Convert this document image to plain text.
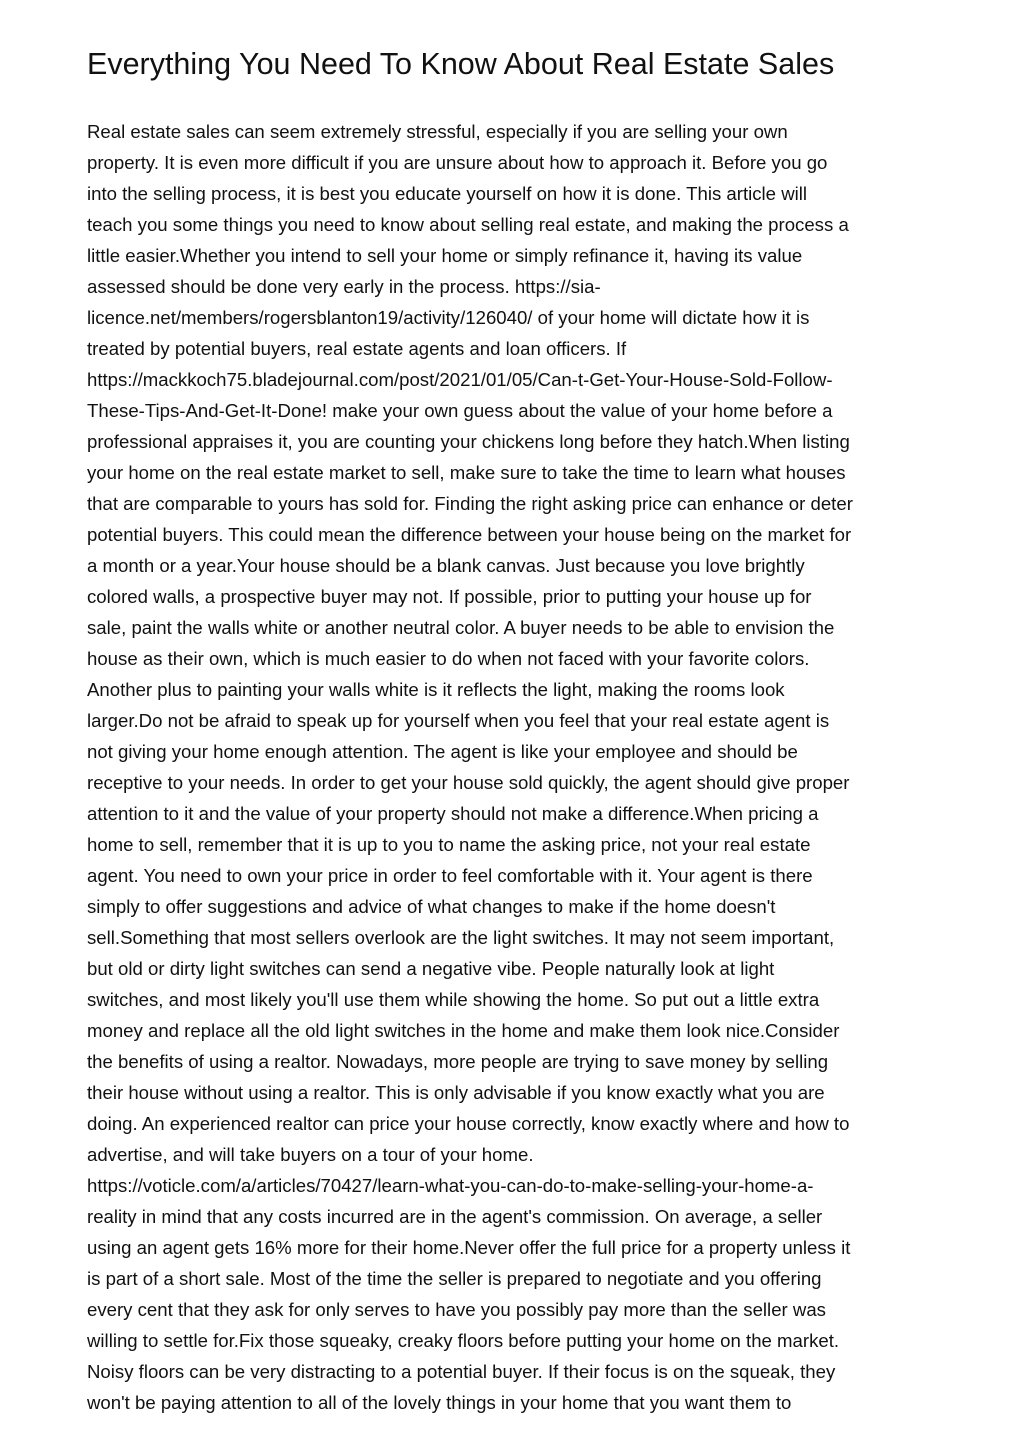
Everything You Need To Know About Real Estate Sales
Real estate sales can seem extremely stressful, especially if you are selling your own
property. It is even more difficult if you are unsure about how to approach it. Before you go
into the selling process, it is best you educate yourself on how it is done. This article will
teach you some things you need to know about selling real estate, and making the process a
little easier.Whether you intend to sell your home or simply refinance it, having its value
assessed should be done very early in the process. https://sia-
licence.net/members/rogersblanton19/activity/126040/ of your home will dictate how it is
treated by potential buyers, real estate agents and loan officers. If
https://mackkoch75.bladejournal.com/post/2021/01/05/Can-t-Get-Your-House-Sold-Follow-
These-Tips-And-Get-It-Done! make your own guess about the value of your home before a
professional appraises it, you are counting your chickens long before they hatch.When listing
your home on the real estate market to sell, make sure to take the time to learn what houses
that are comparable to yours has sold for. Finding the right asking price can enhance or deter
potential buyers. This could mean the difference between your house being on the market for
a month or a year.Your house should be a blank canvas. Just because you love brightly
colored walls, a prospective buyer may not. If possible, prior to putting your house up for
sale, paint the walls white or another neutral color. A buyer needs to be able to envision the
house as their own, which is much easier to do when not faced with your favorite colors.
Another plus to painting your walls white is it reflects the light, making the rooms look
larger.Do not be afraid to speak up for yourself when you feel that your real estate agent is
not giving your home enough attention. The agent is like your employee and should be
receptive to your needs. In order to get your house sold quickly, the agent should give proper
attention to it and the value of your property should not make a difference.When pricing a
home to sell, remember that it is up to you to name the asking price, not your real estate
agent. You need to own your price in order to feel comfortable with it. Your agent is there
simply to offer suggestions and advice of what changes to make if the home doesn't
sell.Something that most sellers overlook are the light switches. It may not seem important,
but old or dirty light switches can send a negative vibe. People naturally look at light
switches, and most likely you'll use them while showing the home. So put out a little extra
money and replace all the old light switches in the home and make them look nice.Consider
the benefits of using a realtor. Nowadays, more people are trying to save money by selling
their house without using a realtor. This is only advisable if you know exactly what you are
doing. An experienced realtor can price your house correctly, know exactly where and how to
advertise, and will take buyers on a tour of your home.
https://voticle.com/a/articles/70427/learn-what-you-can-do-to-make-selling-your-home-a-
reality in mind that any costs incurred are in the agent's commission. On average, a seller
using an agent gets 16% more for their home.Never offer the full price for a property unless it
is part of a short sale. Most of the time the seller is prepared to negotiate and you offering
every cent that they ask for only serves to have you possibly pay more than the seller was
willing to settle for.Fix those squeaky, creaky floors before putting your home on the market.
Noisy floors can be very distracting to a potential buyer. If their focus is on the squeak, they
won't be paying attention to all of the lovely things in your home that you want them to
